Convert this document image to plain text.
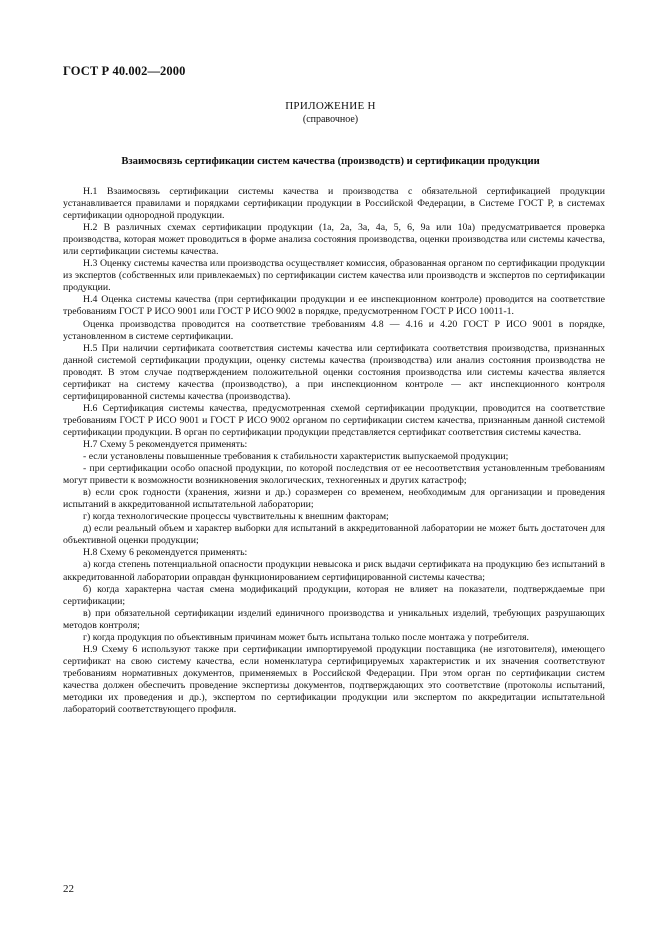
ГОСТ Р 40.002—2000
ПРИЛОЖЕНИЕ Н
(справочное)
Взаимосвязь сертификации систем качества (производств) и сертификации продукции

Н.1 Взаимосвязь сертификации системы качества и производства с обязательной сертификацией продукции устанавливается правилами и порядками сертификации продукции в Российской Федерации, в Системе ГОСТ Р, в системах сертификации однородной продукции.

Н.2 В различных схемах сертификации продукции (1а, 2а, 3а, 4а, 5, 6, 9а или 10а) предусматривается проверка производства, которая может проводиться в форме анализа состояния производства, оценки производства или системы качества, или сертификации системы качества.

Н.3 Оценку системы качества или производства осуществляет комиссия, образованная органом по сертификации продукции из экспертов (собственных или привлекаемых) по сертификации систем качества или производств и экспертов по сертификации продукции.

Н.4 Оценка системы качества (при сертификации продукции и ее инспекционном контроле) проводится на соответствие требованиям ГОСТ Р ИСО 9001 или ГОСТ Р ИСО 9002 в порядке, предусмотренном ГОСТ Р ИСО 10011-1.

Оценка производства проводится на соответствие требованиям 4.8 — 4.16 и 4.20 ГОСТ Р ИСО 9001 в порядке, установленном в системе сертификации.

Н.5 При наличии сертификата соответствия системы качества или сертификата соответствия производства, признанных данной системой сертификации продукции, оценку системы качества (производства) или анализ состояния производства не проводят. В этом случае подтверждением положительной оценки состояния производства или системы качества является сертификат на систему качества (производство), а при инспекционном контроле — акт инспекционного контроля сертифицированной системы качества (производства).

Н.6 Сертификация системы качества, предусмотренная схемой сертификации продукции, проводится на соответствие требованиям ГОСТ Р ИСО 9001 и ГОСТ Р ИСО 9002 органом по сертификации систем качества, признанным данной системой сертификации продукции. В орган по сертификации продукции представляется сертификат соответствия системы качества.

Н.7 Схему 5 рекомендуется применять:

- если установлены повышенные требования к стабильности характеристик выпускаемой продукции;

- при сертификации особо опасной продукции, по которой последствия от ее несоответствия установленным требованиям могут привести к возможности возникновения экологических, техногенных и других катастроф;

в) если срок годности (хранения, жизни и др.) соразмерен со временем, необходимым для организации и проведения испытаний в аккредитованной испытательной лаборатории;

г) когда технологические процессы чувствительны к внешним факторам;

д) если реальный объем и характер выборки для испытаний в аккредитованной лаборатории не может быть достаточен для объективной оценки продукции;

Н.8 Схему 6 рекомендуется применять:

а) когда степень потенциальной опасности продукции невысока и риск выдачи сертификата на продукцию без испытаний в аккредитованной лаборатории оправдан функционированием сертифицированной системы качества;

б) когда характерна частая смена модификаций продукции, которая не влияет на показатели, подтверждаемые при сертификации;

в) при обязательной сертификации изделий единичного производства и уникальных изделий, требующих разрушающих методов контроля;

г) когда продукция по объективным причинам может быть испытана только после монтажа у потребителя.

Н.9 Схему 6 используют также при сертификации импортируемой продукции поставщика (не изготовителя), имеющего сертификат на свою систему качества, если номенклатура сертифицируемых характеристик и их значения соответствуют требованиям нормативных документов, применяемых в Российской Федерации. При этом орган по сертификации систем качества должен обеспечить проведение экспертизы документов, подтверждающих это соответствие (протоколы испытаний, методики их проведения и др.), экспертом по сертификации продукции или экспертом по аккредитации испытательной лабораторий соответствующего профиля.

22
